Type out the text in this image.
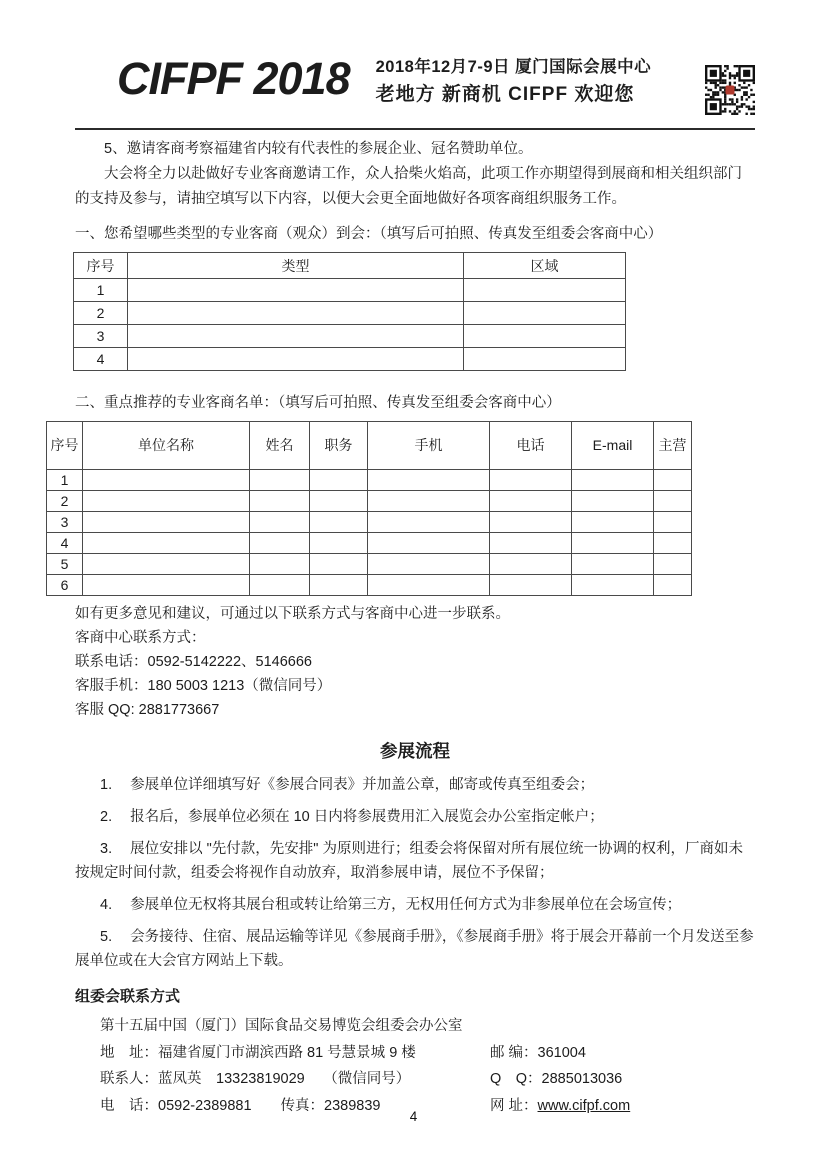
CIFPF 2018 2018年12月7-9日 厦门国际会展中心
老地方 新商机 CIFPF 欢迎您

5、邀请客商考察福建省内较有代表性的参展企业、冠名赞助单位。

大会将全力以赴做好专业客商邀请工作，众人拾柴火焰高，此项工作亦期望得到展商和相关组织部门的支持及参与，请抽空填写以下内容，以便大会更全面地做好各项客商组织服务工作。

一、您希望哪些类型的专业客商（观众）到会：（填写后可拍照、传真发至组委会客商中心）
序号	类型	区域
1		
2		
3		
4		
二、重点推荐的专业客商名单：（填写后可拍照、传真发至组委会客商中心）
序号	单位名称	姓名	职务	手机	电话	E-mail	主营
1							
2							
3							
4							
5							
6							

如有更多意见和建议，可通过以下联系方式与客商中心进一步联系。

客商中心联系方式：

联系电话：0592-5142222、5146666

客服手机：180 5003 1213（微信同号）

客服 QQ: 2881773667

参展流程

1. 参展单位详细填写好《参展合同表》并加盖公章，邮寄或传真至组委会；

2. 报名后，参展单位必须在 10 日内将参展费用汇入展览会办公室指定帐户；

3. 展位安排以 "先付款，先安排" 为原则进行；组委会将保留对所有展位统一协调的权利，厂商如未按规定时间付款，组委会将视作自动放弃，取消参展申请，展位不予保留；

4. 参展单位无权将其展台租或转让给第三方，无权用任何方式为非参展单位在会场宣传；

5. 会务接待、住宿、展品运输等详见《参展商手册》，《参展商手册》将于展会开幕前一个月发送至参展单位或在大会官方网站上下载。

组委会联系方式
第十五届中国（厦门）国际食品交易博览会组委会办公室
地　址：福建省厦门市湖滨西路 81 号慧景城 9 楼	邮 编：361004
联系人：蓝凤英　13323819029　 （微信同号）	Q　Q：2885013036
电　话：0592-2389881　　传真：2389839	网 址：www.cifpf.com
4
